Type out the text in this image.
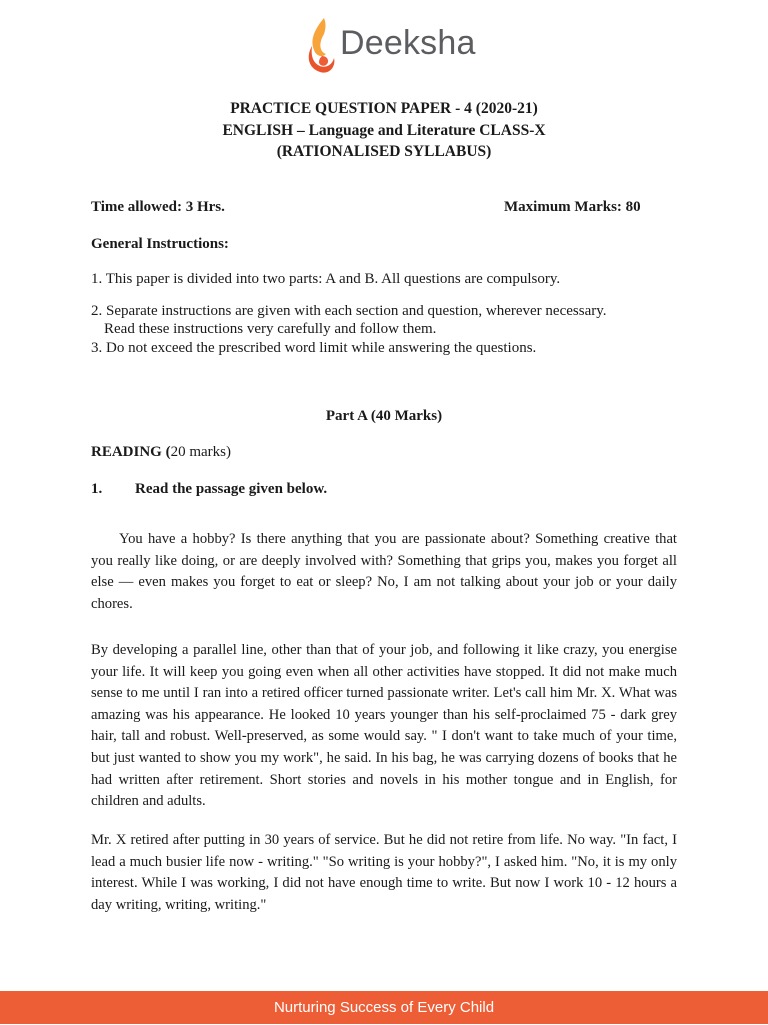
Deeksha
PRACTICE QUESTION PAPER - 4 (2020-21)
ENGLISH – Language and Literature CLASS-X
(RATIONALISED SYLLABUS)
Time allowed: 3 Hrs.	Maximum Marks: 80
General Instructions:
1. This paper is divided into two parts: A and B. All questions are compulsory.
2. Separate instructions are given with each section and question, wherever necessary.
Read these instructions very carefully and follow them.
3. Do not exceed the prescribed word limit while answering the questions.
Part A (40 Marks)
READING (20 marks)
1. Read the passage given below.

You have a hobby? Is there anything that you are passionate about? Something creative that you really like doing, or are deeply involved with? Something that grips you, makes you forget all else — even makes you forget to eat or sleep? No, I am not talking about your job or your daily chores.

By developing a parallel line, other than that of your job, and following it like crazy, you energise your life. It will keep you going even when all other activities have stopped. It did not make much sense to me until I ran into a retired officer turned passionate writer. Let's call him Mr. X. What was amazing was his appearance. He looked 10 years younger than his self-proclaimed 75 - dark grey hair, tall and robust. Well-preserved, as some would say. " I don't want to take much of your time, but just wanted to show you my work", he said. In his bag, he was carrying dozens of books that he had written after retirement. Short stories and novels in his mother tongue and in English, for children and adults.

Mr. X retired after putting in 30 years of service. But he did not retire from life. No way. "In fact, I lead a much busier life now - writing." "So writing is your hobby?", I asked him. "No, it is my only interest. While I was working, I did not have enough time to write. But now I work 10 - 12 hours a day writing, writing, writing."

Nurturing Success of Every Child
